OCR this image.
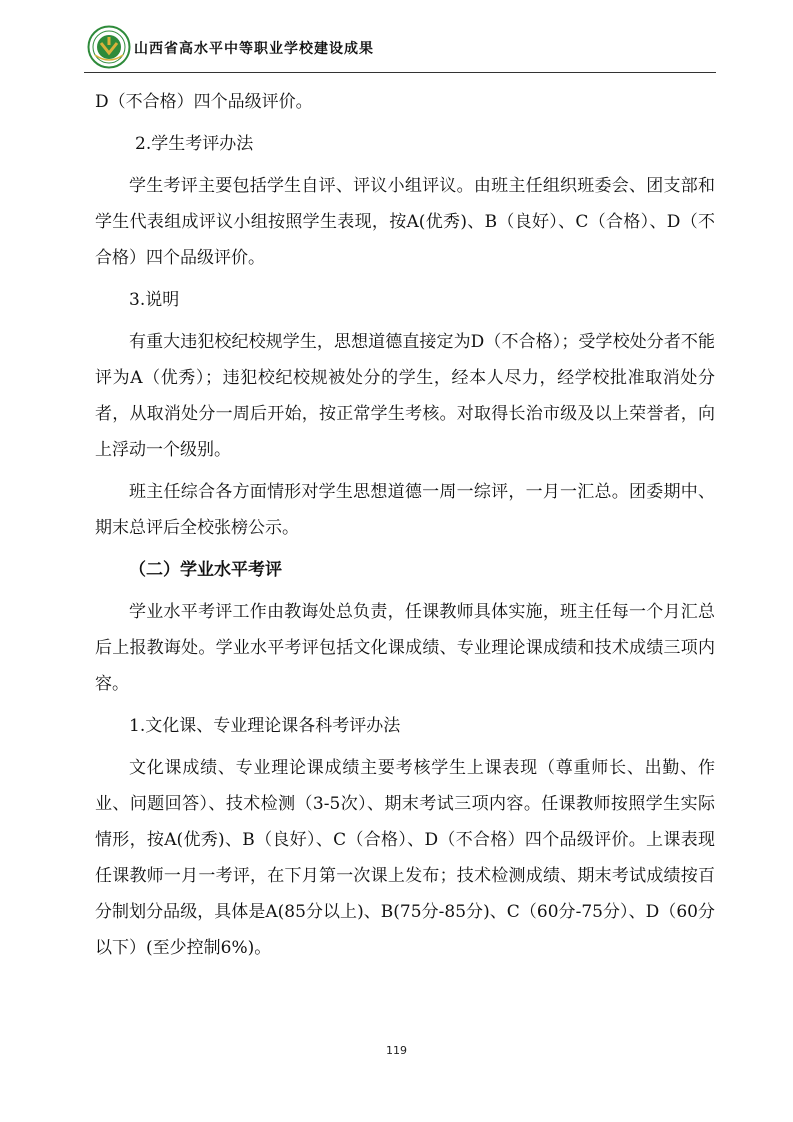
山西省高水平中等职业学校建设成果

D（不合格）四个品级评价。

2.学生考评办法

学生考评主要包括学生自评、评议小组评议。由班主任组织班委会、团支部和学生代表组成评议小组按照学生表现，按A(优秀)、B（良好）、C（合格）、D（不合格）四个品级评价。

3.说明

有重大违犯校纪校规学生，思想道德直接定为D（不合格）；受学校处分者不能评为A（优秀）；违犯校纪校规被处分的学生，经本人尽力，经学校批准取消处分者，从取消处分一周后开始，按正常学生考核。对取得长治市级及以上荣誉者，向上浮动一个级别。

班主任综合各方面情形对学生思想道德一周一综评，一月一汇总。团委期中、期末总评后全校张榜公示。

（二）学业水平考评

学业水平考评工作由教诲处总负责，任课教师具体实施，班主任每一个月汇总后上报教诲处。学业水平考评包括文化课成绩、专业理论课成绩和技术成绩三项内容。

1.文化课、专业理论课各科考评办法

文化课成绩、专业理论课成绩主要考核学生上课表现（尊重师长、出勤、作业、问题回答）、技术检测（3-5次）、期末考试三项内容。任课教师按照学生实际情形，按A(优秀)、B（良好）、C（合格）、D（不合格）四个品级评价。上课表现任课教师一月一考评，在下月第一次课上发布；技术检测成绩、期末考试成绩按百分制划分品级，具体是A(85分以上)、B(75分-85分)、C（60分-75分）、D（60分以下）(至少控制6%)。

119
